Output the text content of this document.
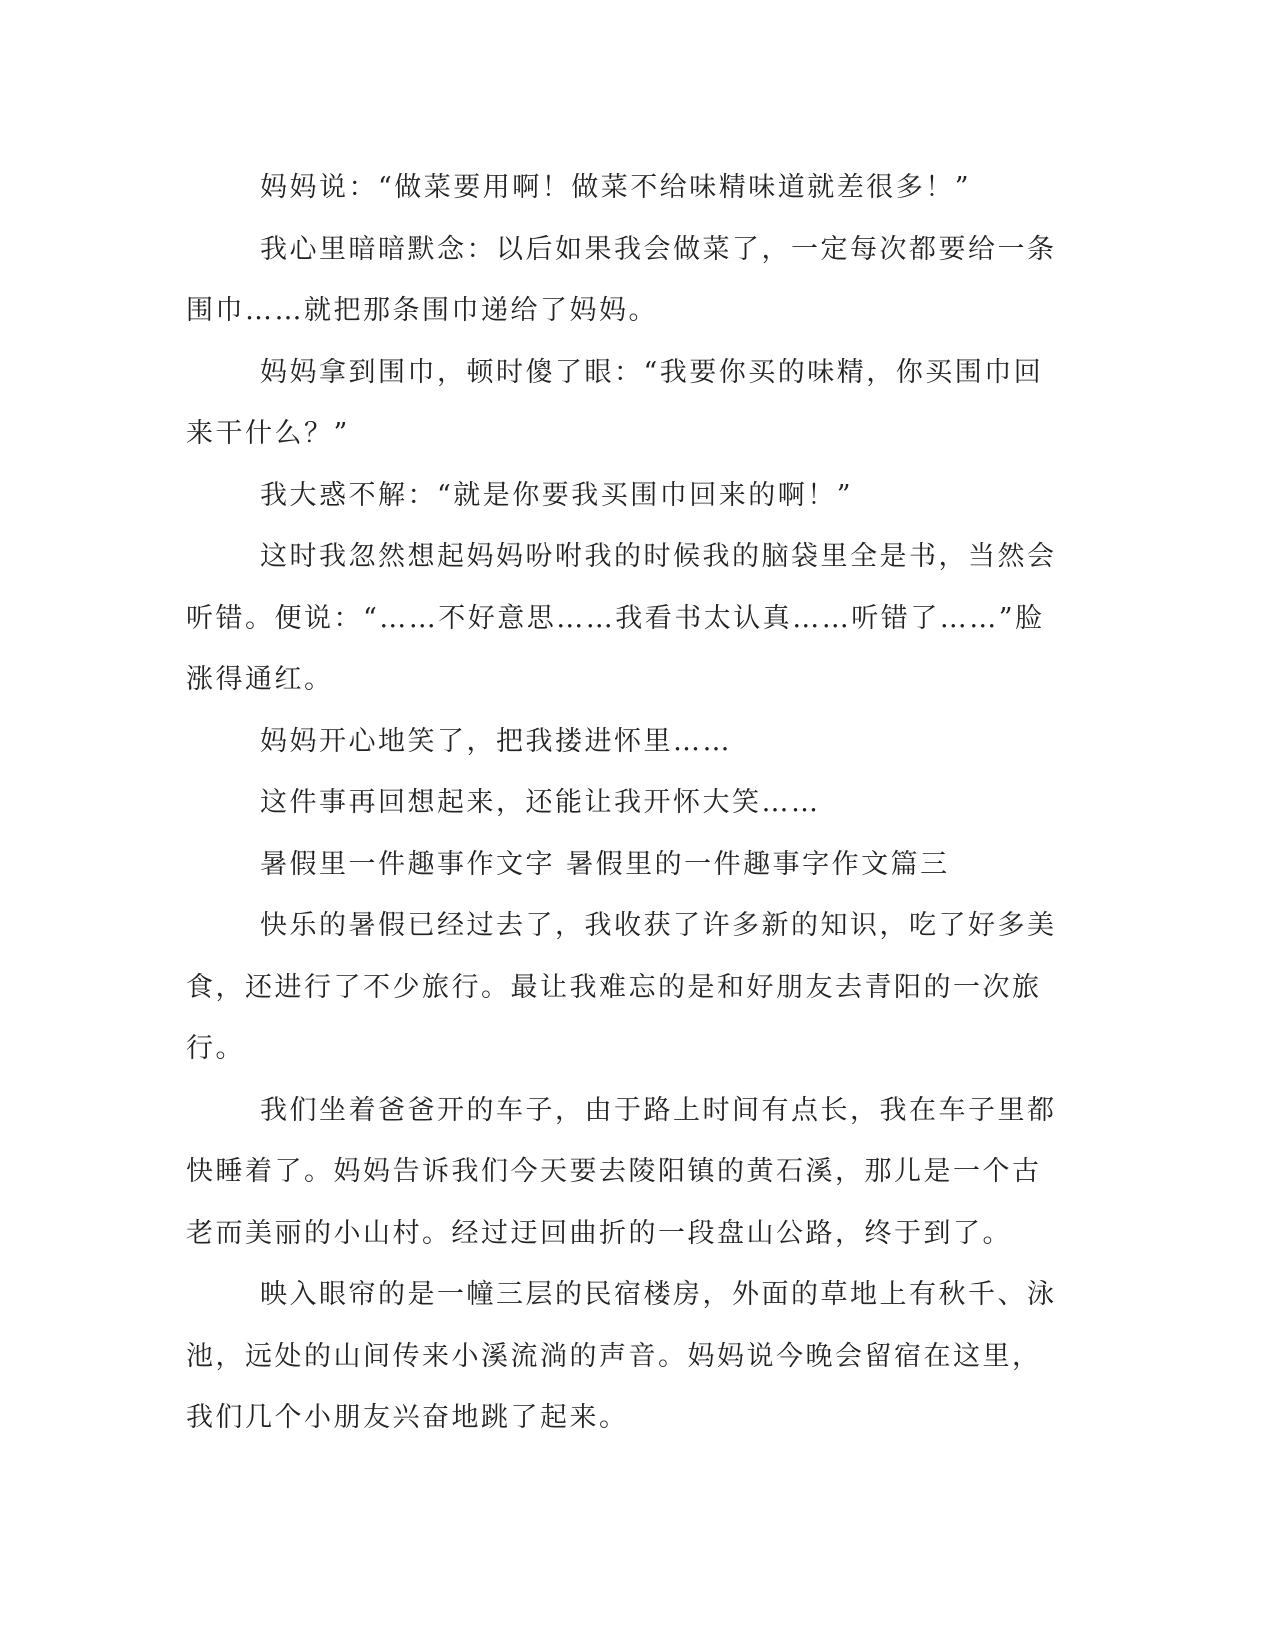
妈妈说：“做菜要用啊！做菜不给味精味道就差很多！”

我心里暗暗默念：以后如果我会做菜了，一定每次都要给一条围巾……就把那条围巾递给了妈妈。

妈妈拿到围巾，顿时傻了眼：“我要你买的味精，你买围巾回来干什么？”

我大惑不解：“就是你要我买围巾回来的啊！”

这时我忽然想起妈妈吩咐我的时候我的脑袋里全是书，当然会听错。便说：“……不好意思……我看书太认真……听错了……”脸涨得通红。

妈妈开心地笑了，把我搂进怀里……

这件事再回想起来，还能让我开怀大笑……

暑假里一件趣事作文字 暑假里的一件趣事字作文篇三

快乐的暑假已经过去了，我收获了许多新的知识，吃了好多美食，还进行了不少旅行。最让我难忘的是和好朋友去青阳的一次旅行。

我们坐着爸爸开的车子，由于路上时间有点长，我在车子里都快睡着了。妈妈告诉我们今天要去陵阳镇的黄石溪，那儿是一个古老而美丽的小山村。经过迂回曲折的一段盘山公路，终于到了。

映入眼帘的是一幢三层的民宿楼房，外面的草地上有秋千、泳池，远处的山间传来小溪流淌的声音。妈妈说今晚会留宿在这里，我们几个小朋友兴奋地跳了起来。
